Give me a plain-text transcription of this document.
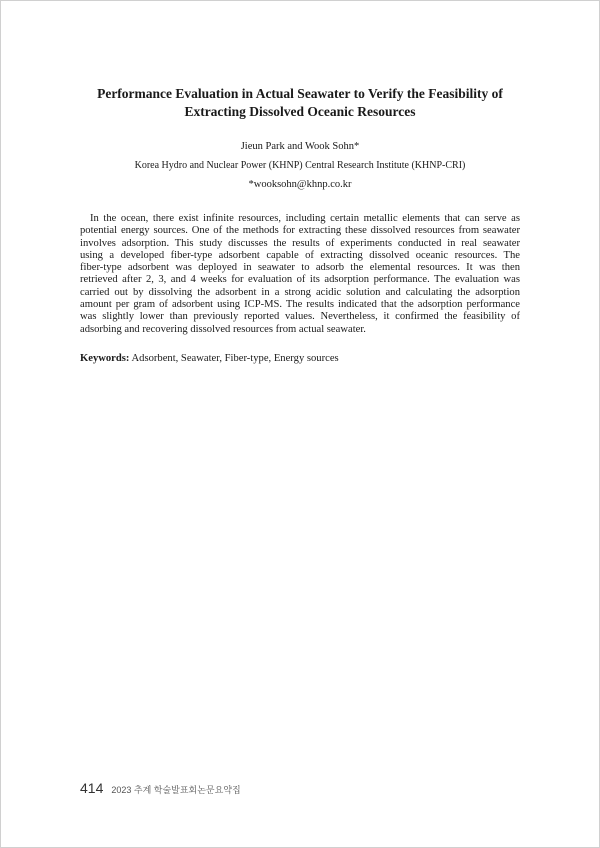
Performance Evaluation in Actual Seawater to Verify the Feasibility of
Extracting Dissolved Oceanic Resources
Jieun Park and Wook Sohn*
Korea Hydro and Nuclear Power (KHNP) Central Research Institute (KHNP-CRI)
*wooksohn@khnp.co.kr
In the ocean, there exist infinite resources, including certain metallic elements that can serve as
potential energy sources. One of the methods for extracting these dissolved resources from seawater
involves adsorption. This study discusses the results of experiments conducted in real seawater
using a developed fiber-type adsorbent capable of extracting dissolved oceanic resources. The
fiber-type adsorbent was deployed in seawater to adsorb the elemental resources. It was then
retrieved after 2, 3, and 4 weeks for evaluation of its adsorption performance. The evaluation was
carried out by dissolving the adsorbent in a strong acidic solution and calculating the adsorption
amount per gram of adsorbent using ICP-MS. The results indicated that the adsorption performance
was slightly lower than previously reported values. Nevertheless, it confirmed the feasibility of
adsorbing and recovering dissolved resources from actual seawater.
Keywords: Adsorbent, Seawater, Fiber-type, Energy sources
414 2023 추계 학술발표회논문요약집
